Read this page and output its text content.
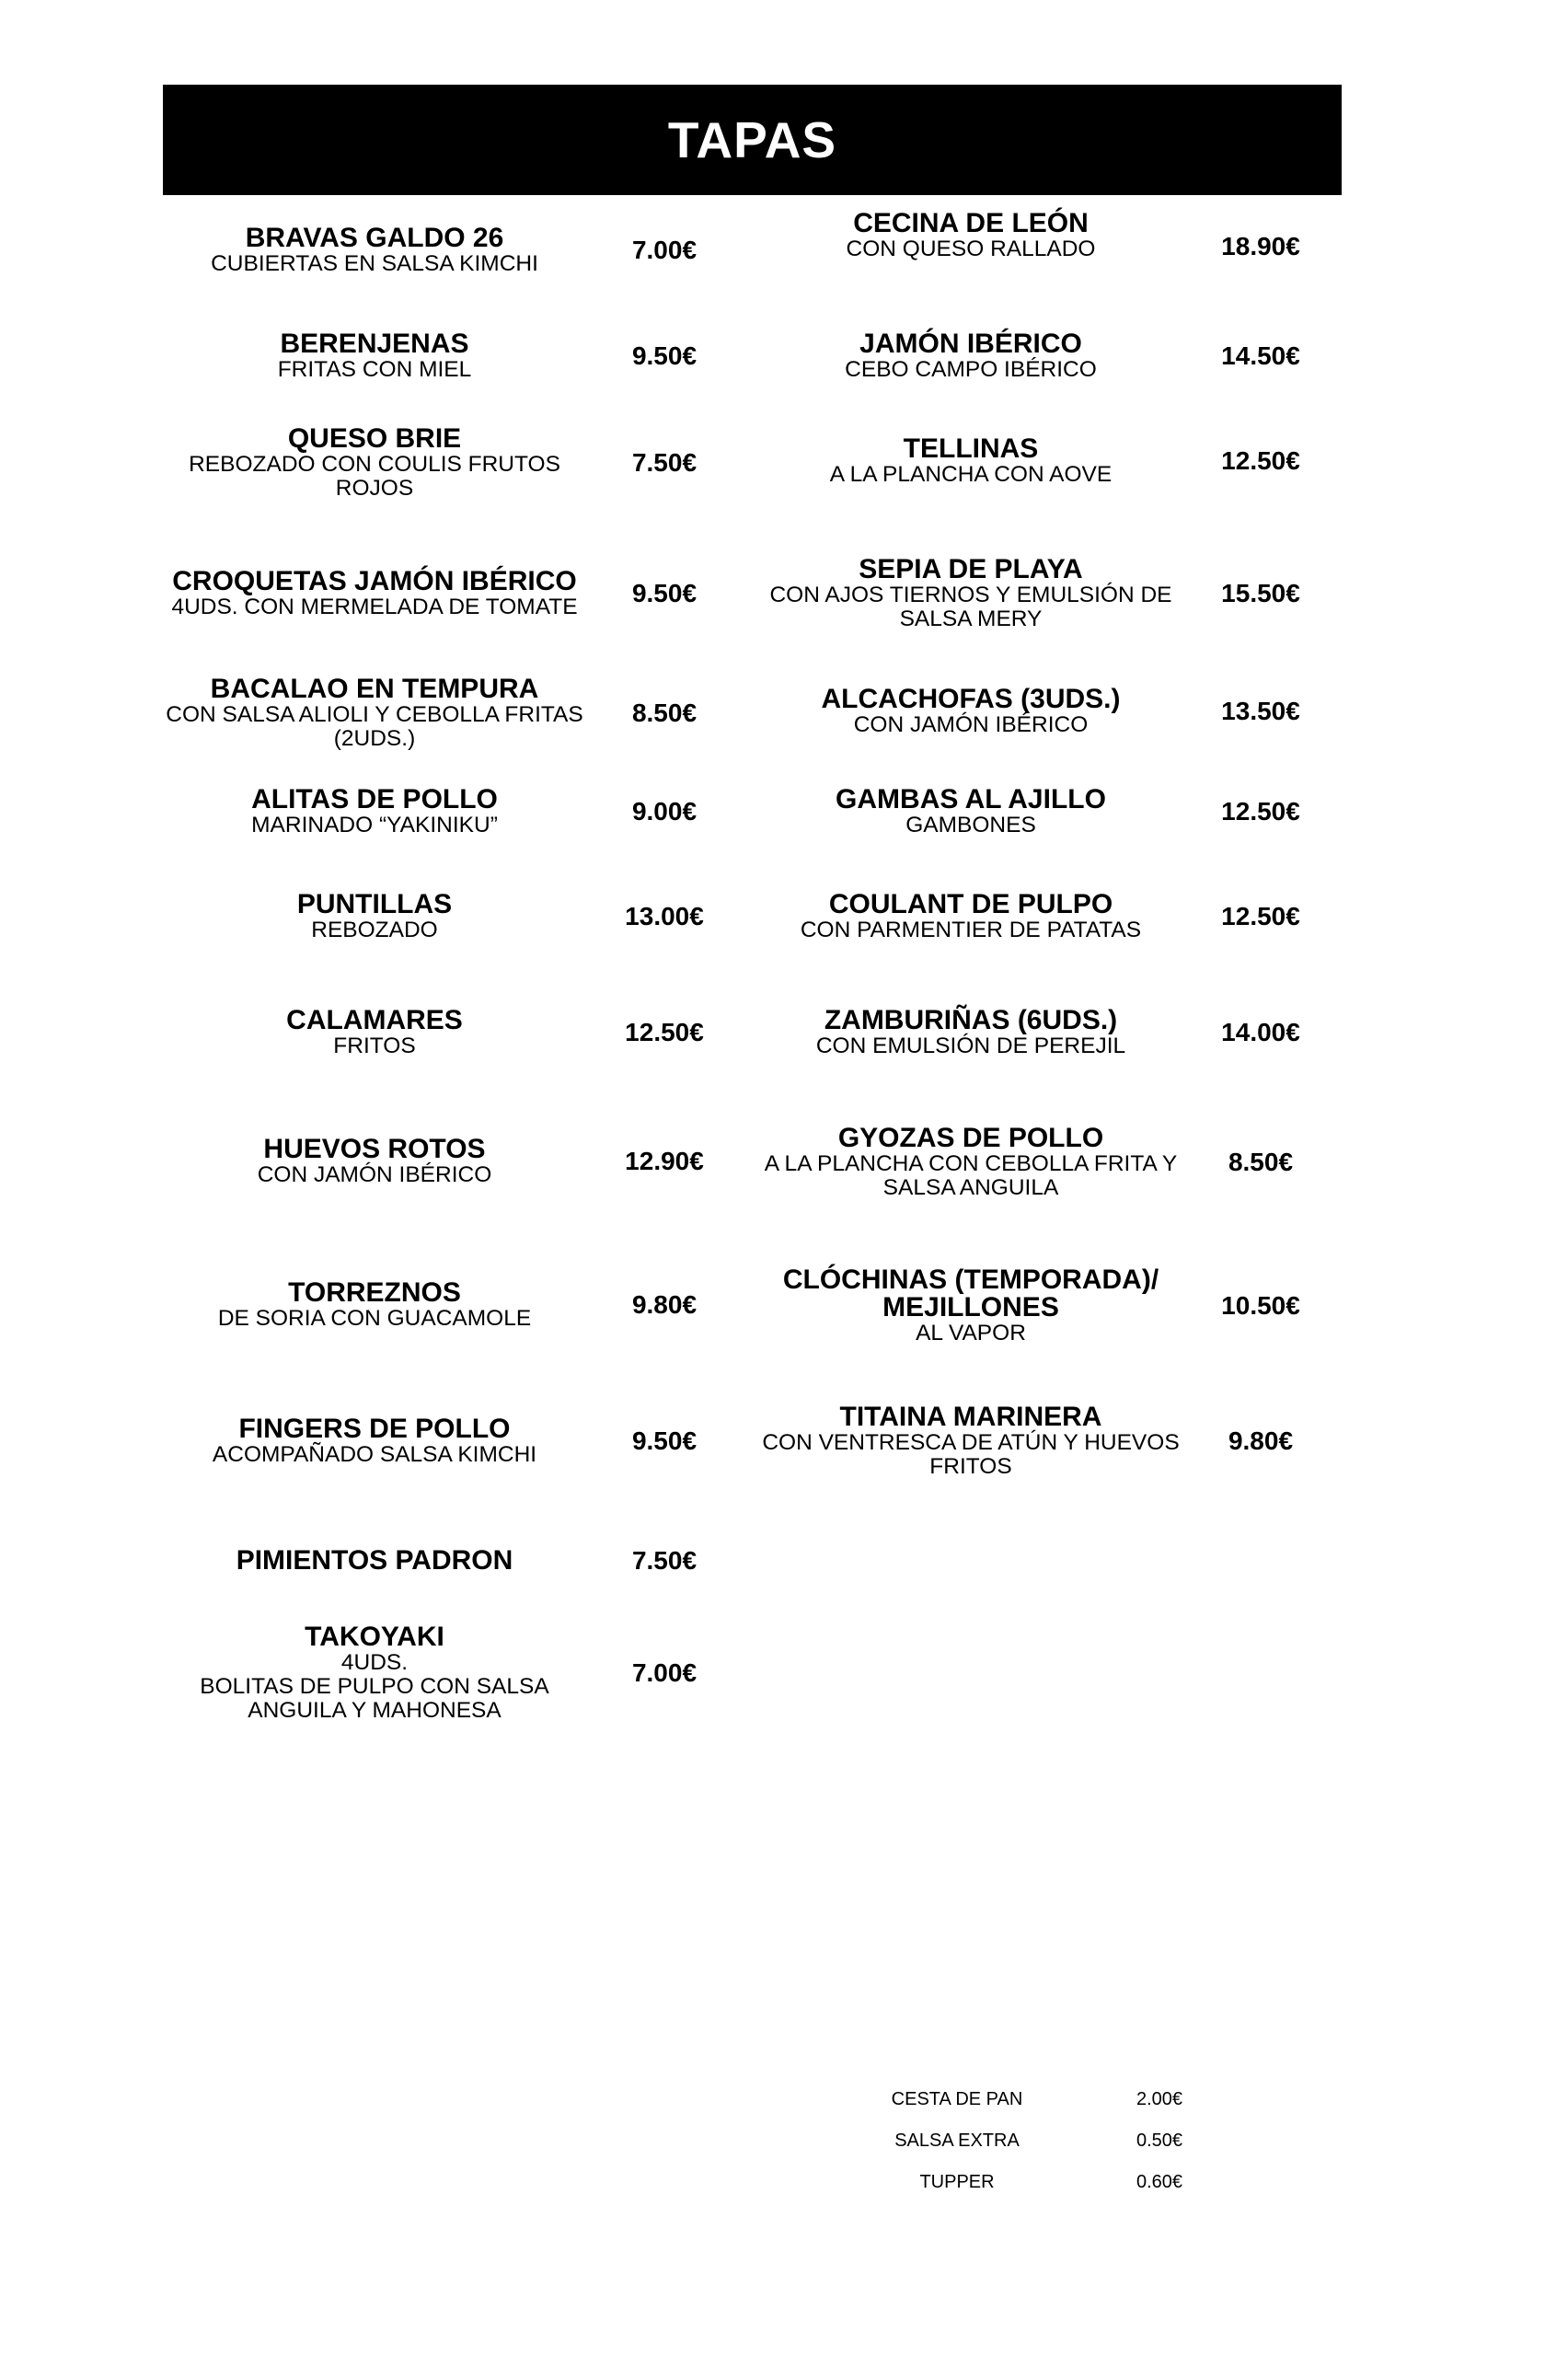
TAPAS
BRAVAS GALDO 26
CUBIERTAS EN SALSA KIMCHI	7.00€
BERENJENAS
FRITAS CON MIEL	9.50€
QUESO BRIE
REBOZADO CON COULIS FRUTOS ROJOS
7.50€
CROQUETAS JAMÓN IBÉRICO
4UDS. CON MERMELADA DE TOMATE	9.50€
BACALAO EN TEMPURA
CON SALSA ALIOLI Y CEBOLLA FRITAS (2UDS.)
8.50€
ALITAS DE POLLO
MARINADO “YAKINIKU”	9.00€
PUNTILLAS
REBOZADO	13.00€
CALAMARES
FRITOS	12.50€
HUEVOS ROTOS
CON JAMÓN IBÉRICO	12.90€
TORREZNOS
DE SORIA CON GUACAMOLE	9.80€
FINGERS DE POLLO
ACOMPAÑADO SALSA KIMCHI	9.50€
PIMIENTOS PADRON	7.50€
TAKOYAKI
4UDS.
BOLITAS DE PULPO CON SALSA ANGUILA Y MAHONESA
7.00€
CECINA DE LEÓN
CON QUESO RALLADO	18.90€
JAMÓN IBÉRICO
CEBO CAMPO IBÉRICO	14.50€
TELLINAS
A LA PLANCHA CON AOVE	12.50€
SEPIA DE PLAYA
CON AJOS TIERNOS Y EMULSIÓN DE SALSA MERY
15.50€
ALCACHOFAS (3UDS.)
CON JAMÓN IBÉRICO	13.50€
GAMBAS AL AJILLO
GAMBONES	12.50€
COULANT DE PULPO
CON PARMENTIER DE PATATAS	12.50€
ZAMBURIÑAS (6UDS.)
CON EMULSIÓN DE PEREJIL	14.00€
GYOZAS DE POLLO
A LA PLANCHA CON CEBOLLA FRITA Y SALSA ANGUILA
8.50€
CLÓCHINAS (TEMPORADA)/ MEJILLONES
AL VAPOR
10.50€
TITAINA MARINERA
CON VENTRESCA DE ATÚN Y HUEVOS FRITOS
9.80€
CESTA DE PAN	2.00€
SALSA EXTRA	0.50€
TUPPER	0.60€
